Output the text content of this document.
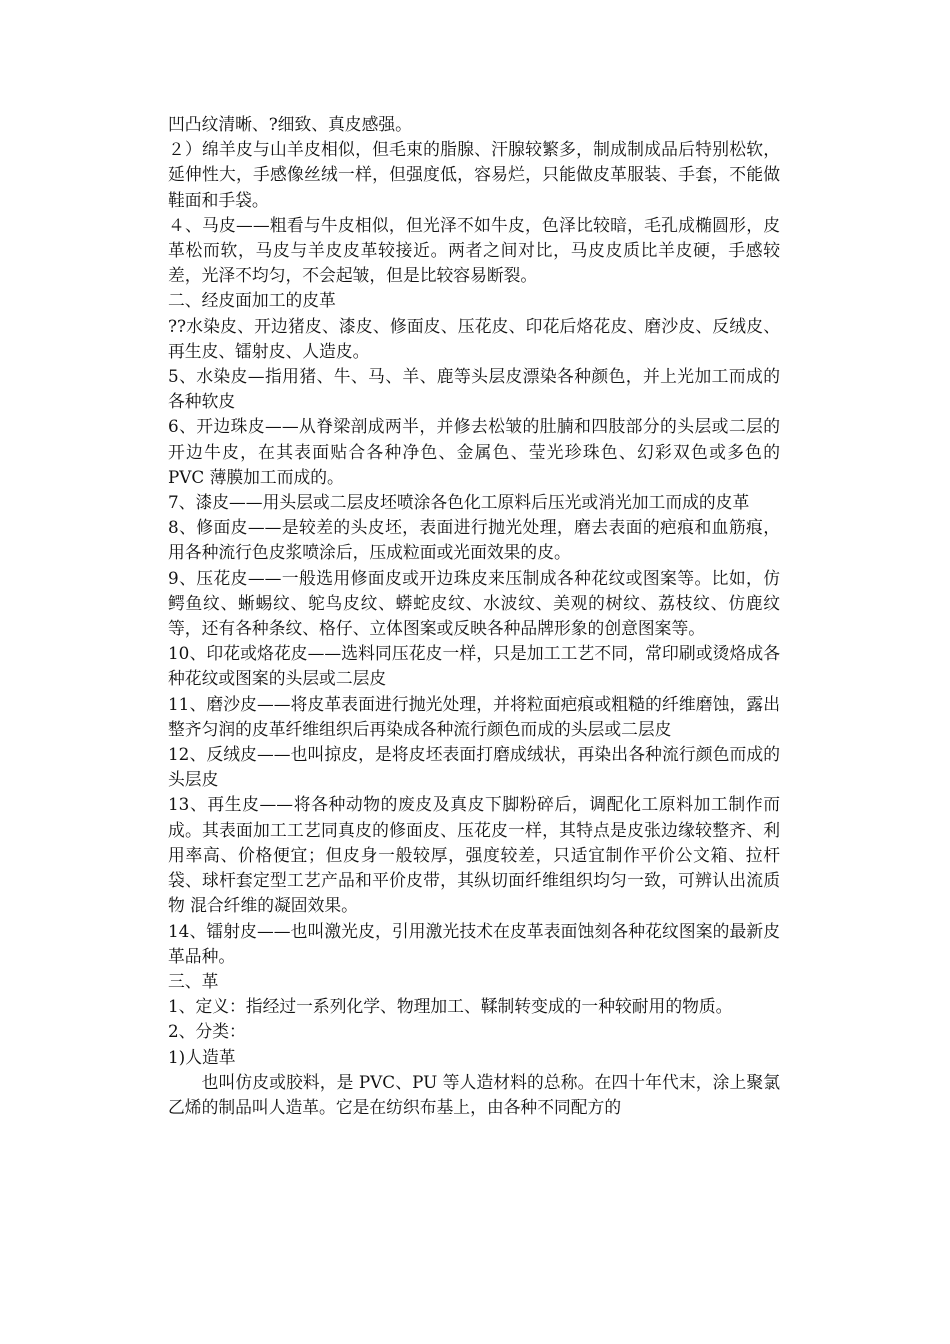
凹凸纹清晰、?细致、真皮感强。

２）绵羊皮与山羊皮相似，但毛束的脂腺、汗腺较繁多，制成制成品后特别松软，延伸性大，手感像丝绒一样，但强度低，容易烂，只能做皮革服装、手套，不能做 鞋面和手袋。

４、马皮——粗看与牛皮相似，但光泽不如牛皮，色泽比较暗，毛孔成椭圆形，皮革松而软，马皮与羊皮皮革较接近。两者之间对比，马皮皮质比羊皮硬，手感较 差，光泽不均匀，不会起皱，但是比较容易断裂。

二、经皮面加工的皮革

??水染皮、开边猪皮、漆皮、修面皮、压花皮、印花后烙花皮、磨沙皮、反绒皮、再生皮、镭射皮、人造皮。

5、水染皮—指用猪、牛、马、羊、鹿等头层皮漂染各种颜色，并上光加工而成的各种软皮

6、开边珠皮——从脊梁剖成两半，并修去松皱的肚腩和四肢部分的头层或二层的开边牛皮，在其表面贴合各种净色、金属色、莹光珍珠色、幻彩双色或多色的 PVC 薄膜加工而成的。

7、漆皮——用头层或二层皮坯喷涂各色化工原料后压光或消光加工而成的皮革

8、修面皮——是较差的头皮坯，表面进行抛光处理，磨去表面的疤痕和血筋痕，用各种流行色皮浆喷涂后，压成粒面或光面效果的皮。

9、压花皮——一般选用修面皮或开边珠皮来压制成各种花纹或图案等。比如，仿鳄鱼纹、蜥蜴纹、鸵鸟皮纹、蟒蛇皮纹、水波纹、美观的树纹、荔枝纹、仿鹿纹 等，还有各种条纹、格仔、立体图案或反映各种品牌形象的创意图案等。

10、印花或烙花皮——选料同压花皮一样，只是加工工艺不同，常印刷或烫烙成各种花纹或图案的头层或二层皮

11、磨沙皮——将皮革表面进行抛光处理，并将粒面疤痕或粗糙的纤维磨蚀，露出整齐匀润的皮革纤维组织后再染成各种流行颜色而成的头层或二层皮

12、反绒皮——也叫掠皮，是将皮坯表面打磨成绒状，再染出各种流行颜色而成的头层皮

13、再生皮——将各种动物的废皮及真皮下脚粉碎后，调配化工原料加工制作而成。其表面加工工艺同真皮的修面皮、压花皮一样，其特点是皮张边缘较整齐、利 用率高、价格便宜；但皮身一般较厚，强度较差，只适宜制作平价公文箱、拉杆袋、球杆套定型工艺产品和平价皮带，其纵切面纤维组织均匀一致，可辨认出流质物 混合纤维的凝固效果。

14、镭射皮——也叫激光皮，引用激光技术在皮革表面蚀刻各种花纹图案的最新皮革品种。

三、革

1、定义：指经过一系列化学、物理加工、鞣制转变成的一种较耐用的物质。

2、分类：

1)人造革

也叫仿皮或胶料，是 PVC、PU 等人造材料的总称。在四十年代末，涂上聚氯乙烯的制品叫人造革。它是在纺织布基上，由各种不同配方的
